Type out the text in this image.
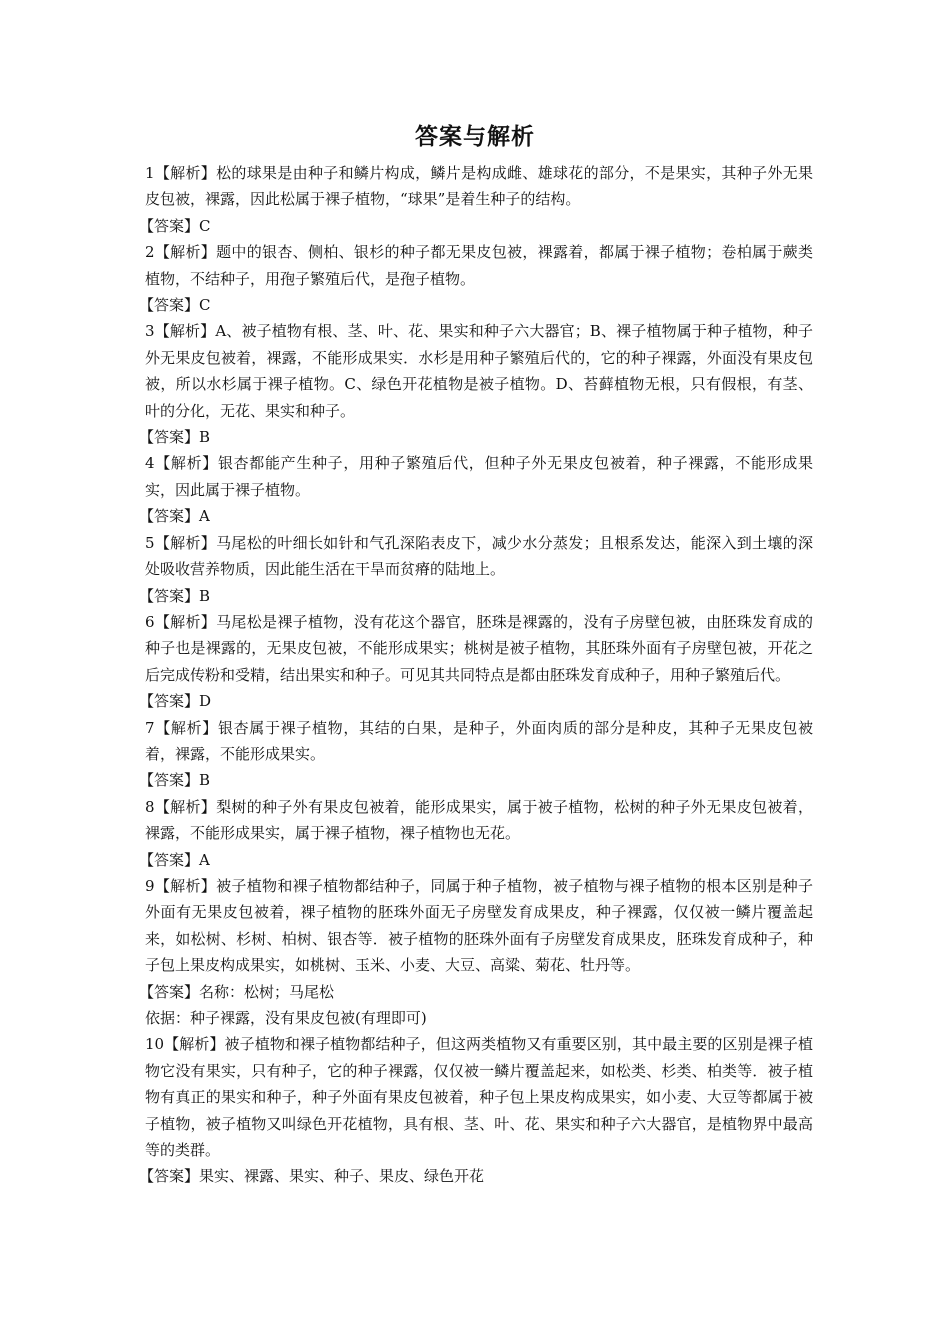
答案与解析

1【解析】松的球果是由种子和鳞片构成，鳞片是构成雌、雄球花的部分，不是果实，其种子外无果皮包被，裸露，因此松属于裸子植物，“球果”是着生种子的结构。

【答案】C

2【解析】题中的银杏、侧柏、银杉的种子都无果皮包被，裸露着，都属于裸子植物；卷柏属于蕨类植物，不结种子，用孢子繁殖后代，是孢子植物。

【答案】C

3【解析】A、被子植物有根、茎、叶、花、果实和种子六大器官；B、裸子植物属于种子植物，种子外无果皮包被着，裸露，不能形成果实．水杉是用种子繁殖后代的，它的种子裸露，外面没有果皮包被，所以水杉属于裸子植物。C、绿色开花植物是被子植物。D、苔藓植物无根，只有假根，有茎、叶的分化，无花、果实和种子。

【答案】B

4【解析】银杏都能产生种子，用种子繁殖后代，但种子外无果皮包被着，种子裸露，不能形成果实，因此属于裸子植物。

【答案】A

5【解析】马尾松的叶细长如针和气孔深陷表皮下，减少水分蒸发；且根系发达，能深入到土壤的深处吸收营养物质，因此能生活在干旱而贫瘠的陆地上。

【答案】B

6【解析】马尾松是裸子植物，没有花这个器官，胚珠是裸露的，没有子房壁包被，由胚珠发育成的种子也是裸露的，无果皮包被，不能形成果实；桃树是被子植物，其胚珠外面有子房壁包被，开花之后完成传粉和受精，结出果实和种子。可见其共同特点是都由胚珠发育成种子，用种子繁殖后代。

【答案】D

7【解析】银杏属于裸子植物，其结的白果，是种子，外面肉质的部分是种皮，其种子无果皮包被着，裸露，不能形成果实。

【答案】B

8【解析】梨树的种子外有果皮包被着，能形成果实，属于被子植物，松树的种子外无果皮包被着，裸露，不能形成果实，属于裸子植物，裸子植物也无花。

【答案】A

9【解析】被子植物和裸子植物都结种子，同属于种子植物，被子植物与裸子植物的根本区别是种子外面有无果皮包被着，裸子植物的胚珠外面无子房壁发育成果皮，种子裸露，仅仅被一鳞片覆盖起来，如松树、杉树、柏树、银杏等．被子植物的胚珠外面有子房壁发育成果皮，胚珠发育成种子，种子包上果皮构成果实，如桃树、玉米、小麦、大豆、高粱、菊花、牡丹等。

【答案】名称：松树；马尾松

依据：种子裸露，没有果皮包被(有理即可)

10【解析】被子植物和裸子植物都结种子，但这两类植物又有重要区别，其中最主要的区别是裸子植物它没有果实，只有种子，它的种子裸露，仅仅被一鳞片覆盖起来，如松类、杉类、柏类等．被子植物有真正的果实和种子，种子外面有果皮包被着，种子包上果皮构成果实，如小麦、大豆等都属于被子植物，被子植物又叫绿色开花植物，具有根、茎、叶、花、果实和种子六大器官，是植物界中最高等的类群。

【答案】果实、裸露、果实、种子、果皮、绿色开花
